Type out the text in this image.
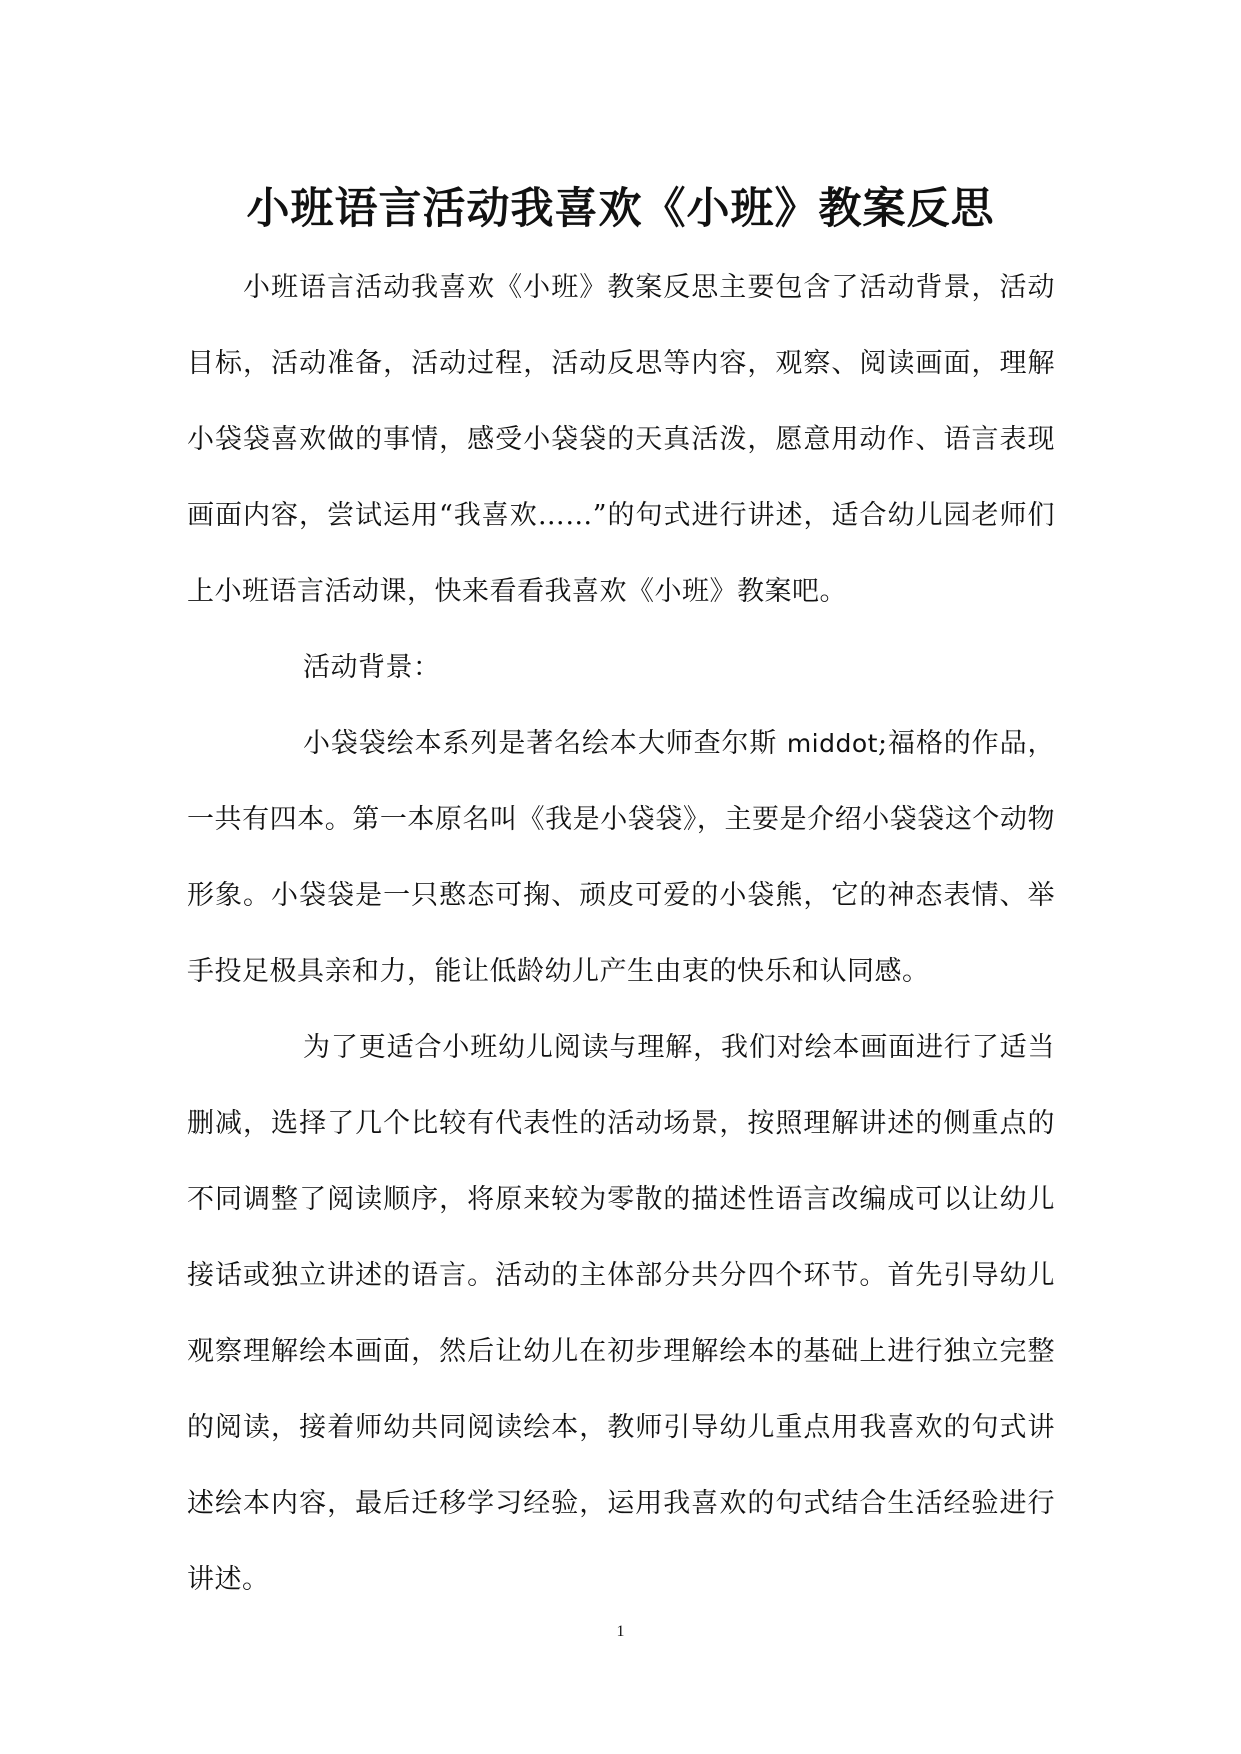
小班语言活动我喜欢《小班》教案反思

小班语言活动我喜欢《小班》教案反思主要包含了活动背景，活动目标，活动准备，活动过程，活动反思等内容，观察、阅读画面，理解小袋袋喜欢做的事情，感受小袋袋的天真活泼，愿意用动作、语言表现画面内容，尝试运用“我喜欢……”的句式进行讲述，适合幼儿园老师们上小班语言活动课，快来看看我喜欢《小班》教案吧。

活动背景：

小袋袋绘本系列是著名绘本大师查尔斯 middot;福格的作品，一共有四本。第一本原名叫《我是小袋袋》，主要是介绍小袋袋这个动物形象。小袋袋是一只憨态可掬、顽皮可爱的小袋熊，它的神态表情、举手投足极具亲和力，能让低龄幼儿产生由衷的快乐和认同感。

为了更适合小班幼儿阅读与理解，我们对绘本画面进行了适当删减，选择了几个比较有代表性的活动场景，按照理解讲述的侧重点的不同调整了阅读顺序，将原来较为零散的描述性语言改编成可以让幼儿接话或独立讲述的语言。活动的主体部分共分四个环节。首先引导幼儿观察理解绘本画面，然后让幼儿在初步理解绘本的基础上进行独立完整的阅读，接着师幼共同阅读绘本，教师引导幼儿重点用我喜欢的句式讲述绘本内容，最后迁移学习经验，运用我喜欢的句式结合生活经验进行讲述。

1
